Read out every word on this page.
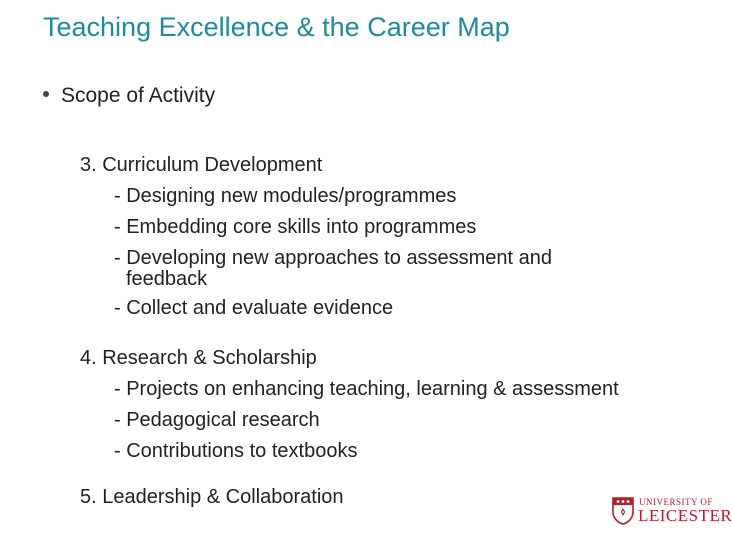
Teaching Excellence & the Career Map
Scope of Activity
3. Curriculum Development
- Designing new modules/programmes
- Embedding core skills into programmes
- Developing new approaches to assessment and
feedback
- Collect and evaluate evidence
4. Research & Scholarship
- Projects on enhancing teaching, learning & assessment
- Pedagogical research
- Contributions to textbooks
5. Leadership & Collaboration	UNIVERSITY OF
LEICESTER
